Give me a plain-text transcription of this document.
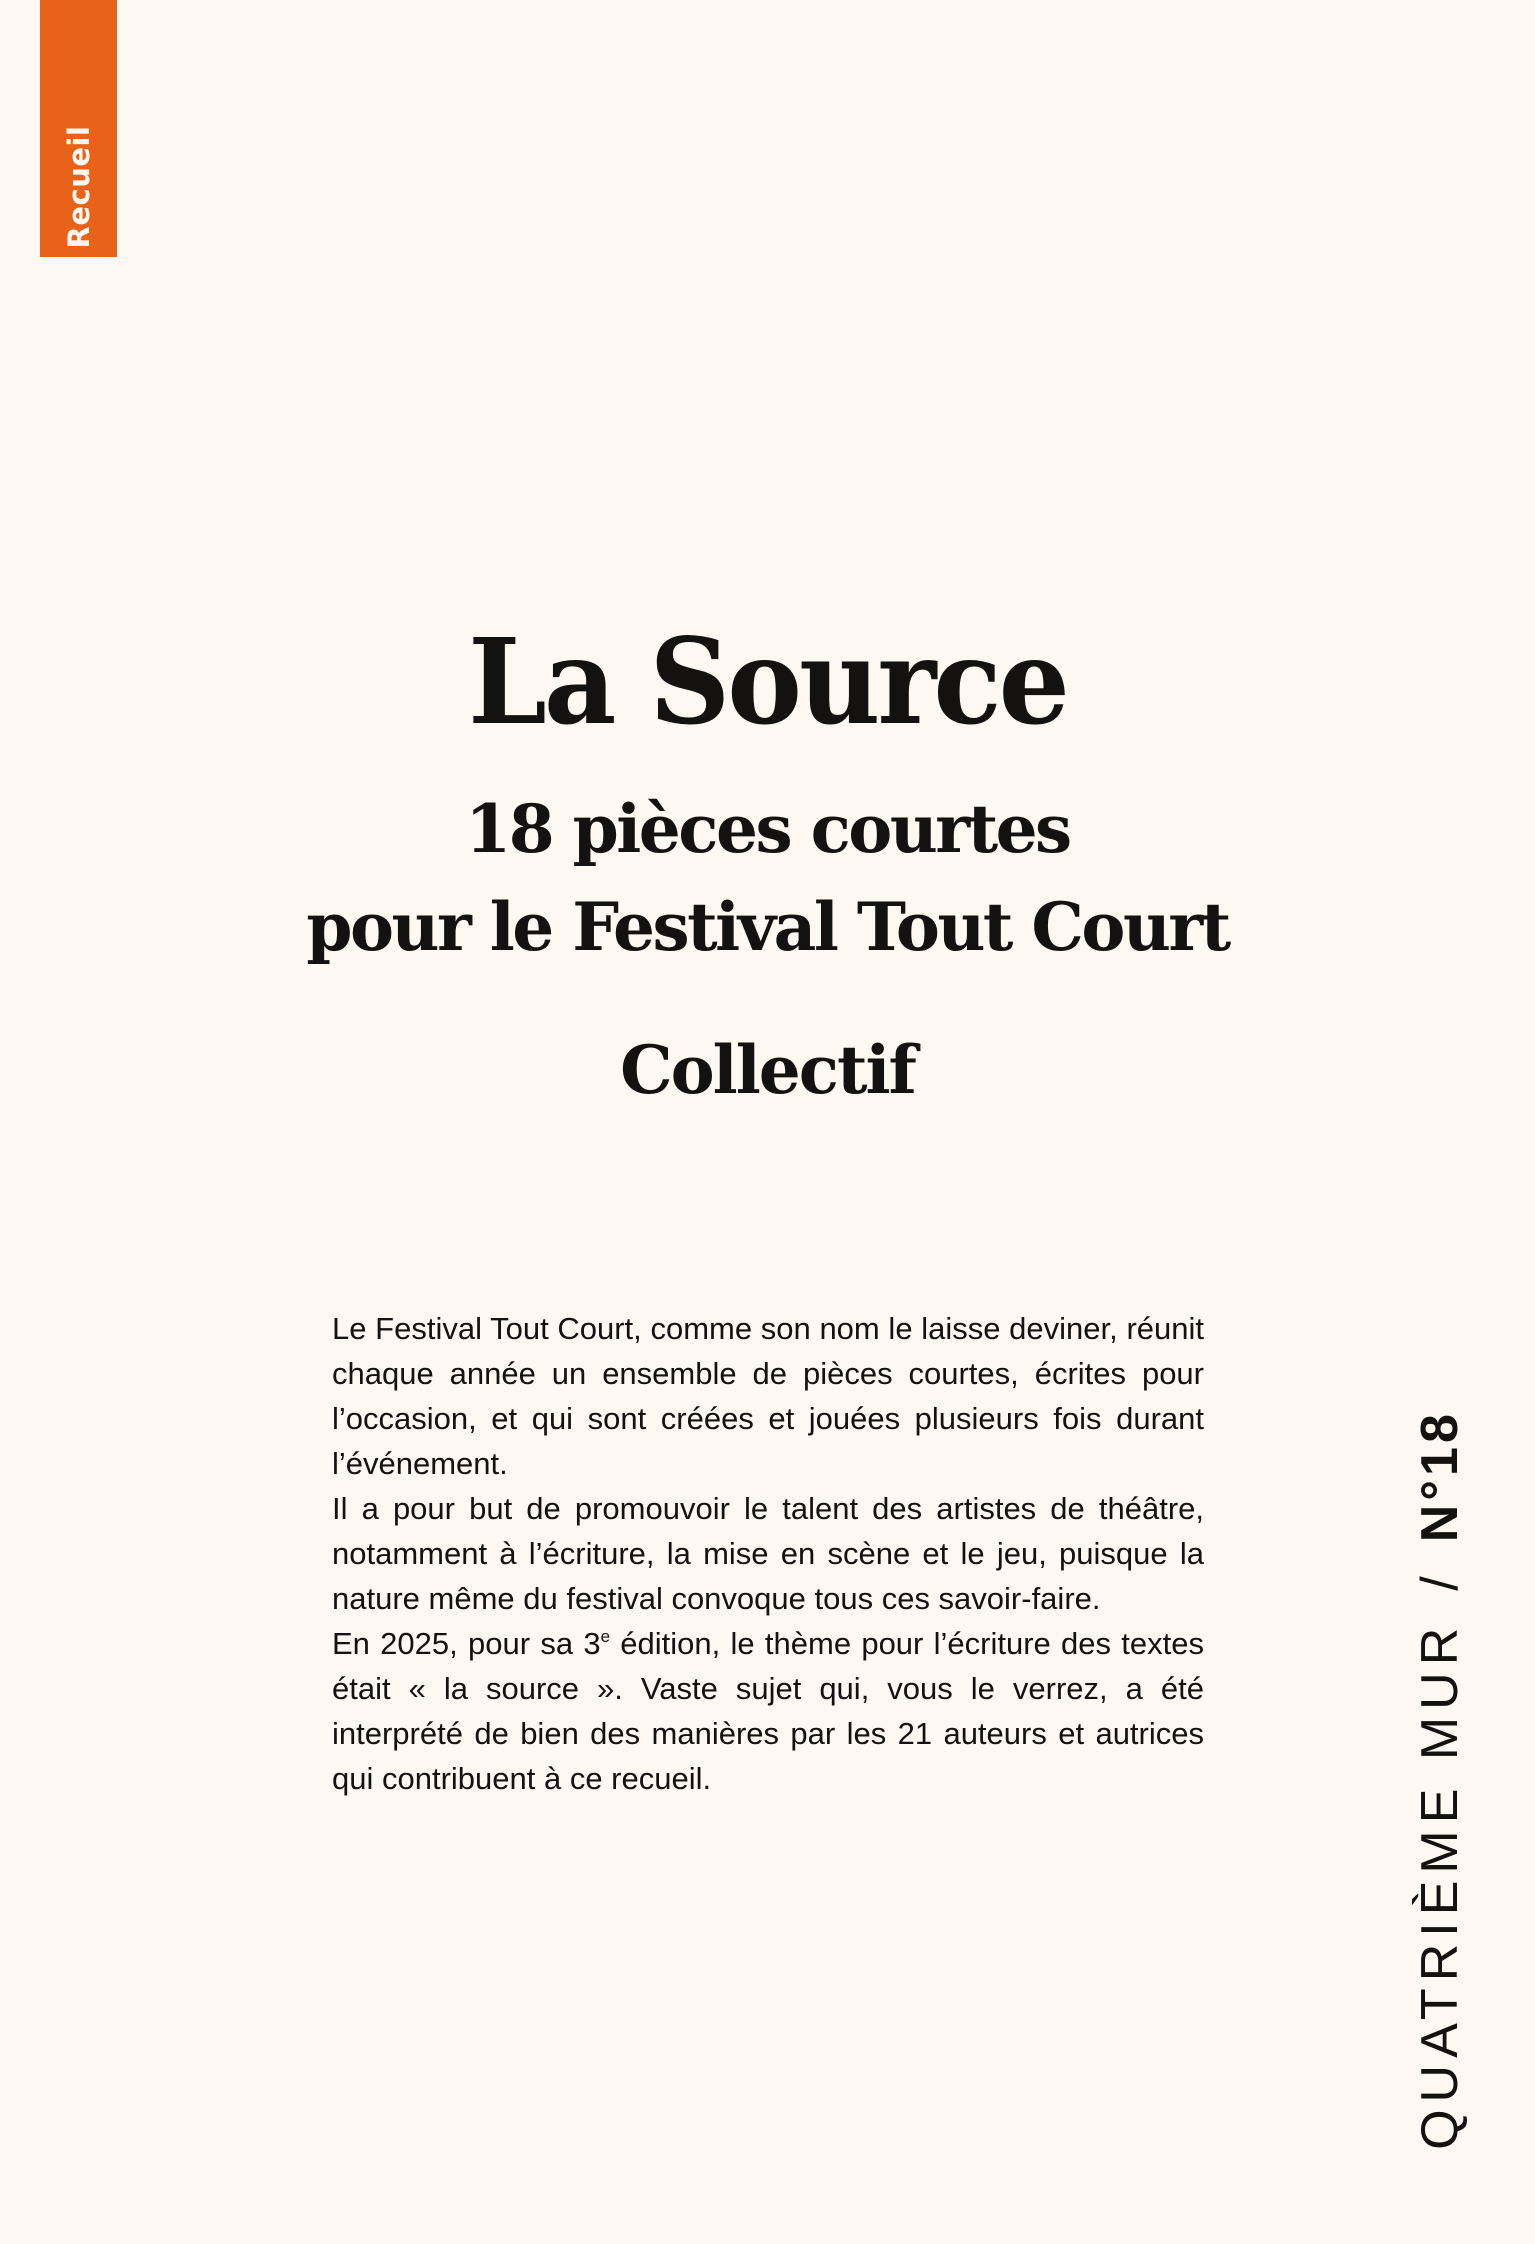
Recueil
La Source
18 pièces courtes
pour le Festival Tout Court
Collectif

Le Festival Tout Court, comme son nom le laisse deviner, réunit chaque année un ensemble de pièces courtes, écrites pour l’occasion, et qui sont créées et jouées plusieurs fois durant l’événement.

Il a pour but de promouvoir le talent des artistes de théâtre, notamment à l’écriture, la mise en scène et le jeu, puisque la nature même du festival convoque tous ces savoir-faire.

En 2025, pour sa 3e édition, le thème pour l’écriture des textes était « la source ». Vaste sujet qui, vous le verrez, a été interprété de bien des manières par les 21 auteurs et autrices qui contribuent à ce recueil.	QUATRIÈME MUR
/
N°18
